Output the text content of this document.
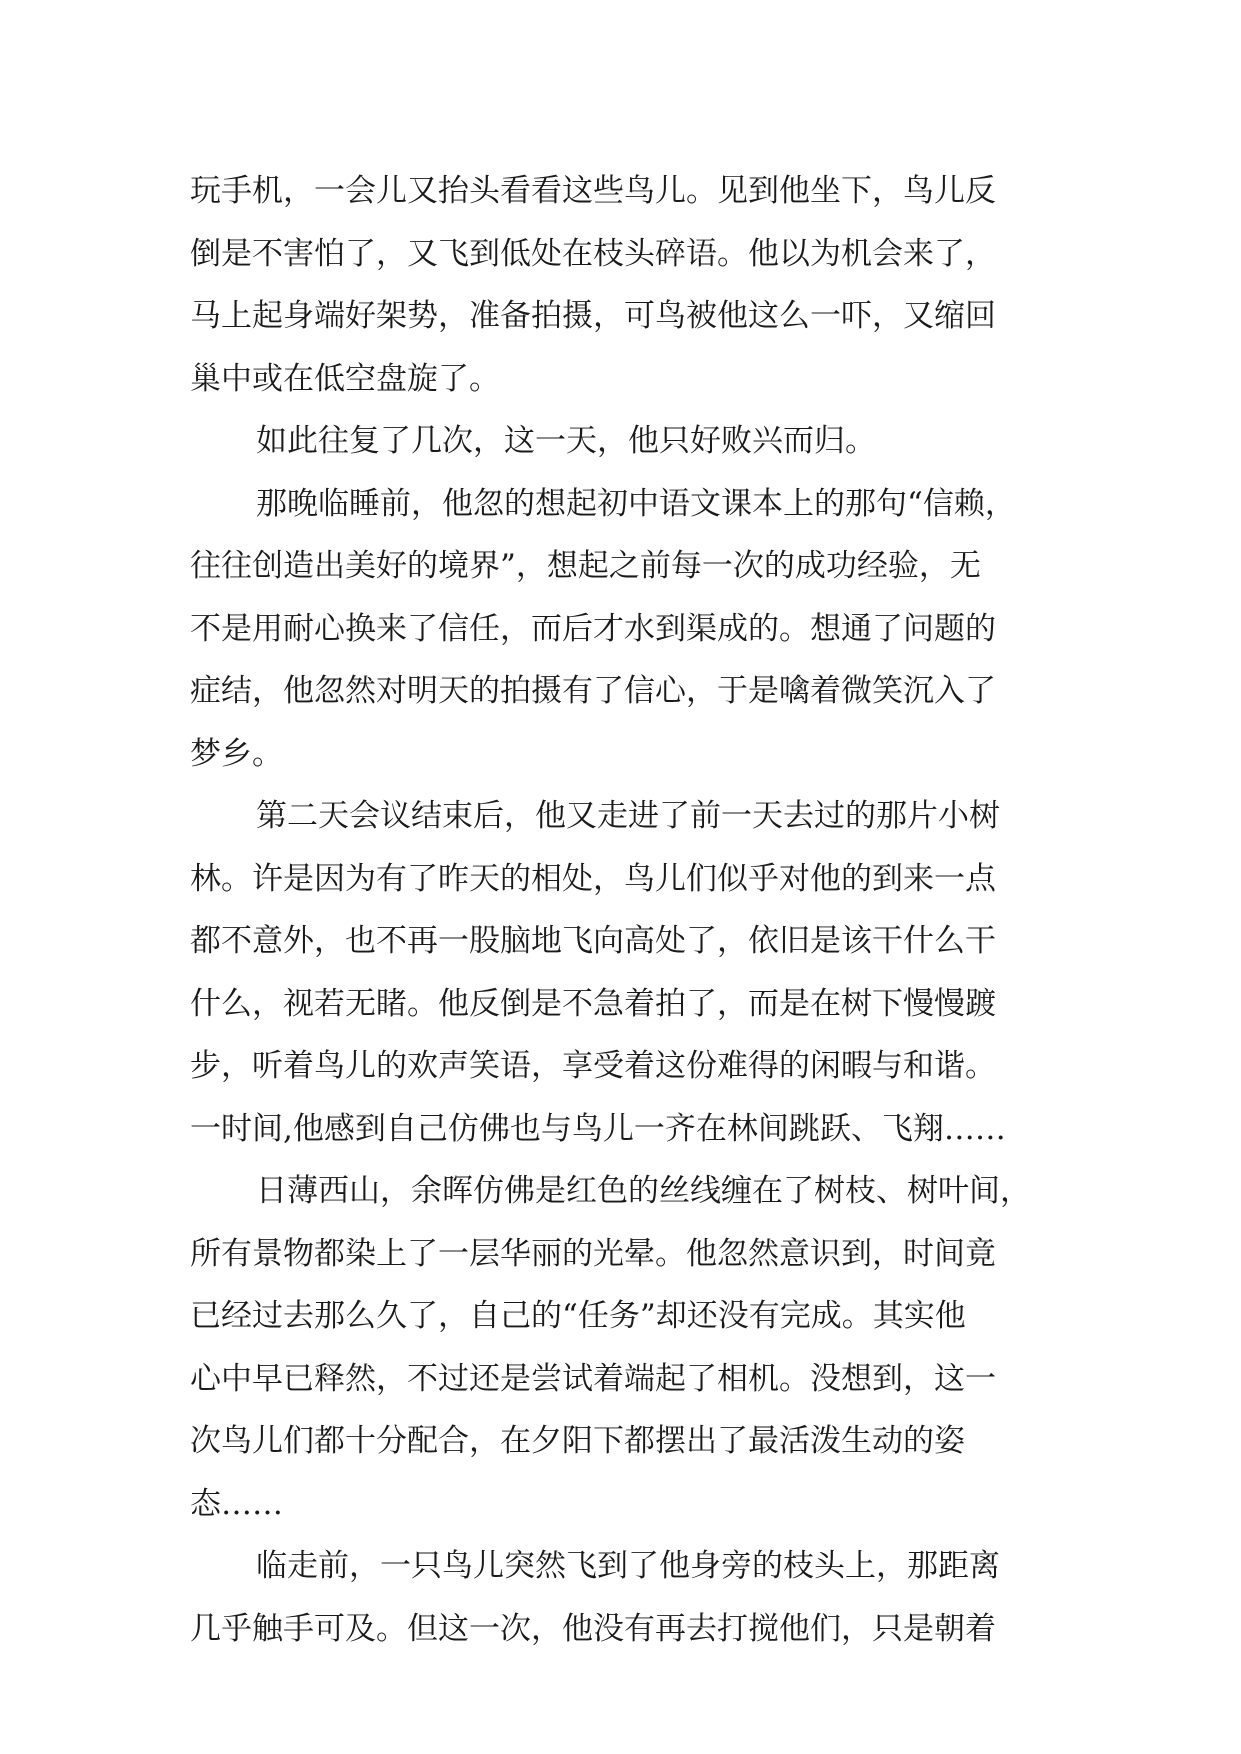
玩手机，一会儿又抬头看看这些鸟儿。见到他坐下，鸟儿反
倒是不害怕了，又飞到低处在枝头碎语。他以为机会来了，
马上起身端好架势，准备拍摄，可鸟被他这么一吓，又缩回
巢中或在低空盘旋了。
如此往复了几次，这一天，他只好败兴而归。
那晚临睡前，他忽的想起初中语文课本上的那句“信赖，
往往创造出美好的境界”，想起之前每一次的成功经验，无
不是用耐心换来了信任，而后才水到渠成的。想通了问题的
症结，他忽然对明天的拍摄有了信心，于是噙着微笑沉入了
梦乡。
第二天会议结束后，他又走进了前一天去过的那片小树
林。许是因为有了昨天的相处，鸟儿们似乎对他的到来一点
都不意外，也不再一股脑地飞向高处了，依旧是该干什么干
什么，视若无睹。他反倒是不急着拍了，而是在树下慢慢踱
步，听着鸟儿的欢声笑语，享受着这份难得的闲暇与和谐。
一时间,他感到自己仿佛也与鸟儿一齐在林间跳跃、飞翔……
日薄西山，余晖仿佛是红色的丝线缠在了树枝、树叶间，
所有景物都染上了一层华丽的光晕。他忽然意识到，时间竟
已经过去那么久了，自己的“任务”却还没有完成。其实他
心中早已释然，不过还是尝试着端起了相机。没想到，这一
次鸟儿们都十分配合，在夕阳下都摆出了最活泼生动的姿
态……
临走前，一只鸟儿突然飞到了他身旁的枝头上，那距离
几乎触手可及。但这一次，他没有再去打搅他们，只是朝着
